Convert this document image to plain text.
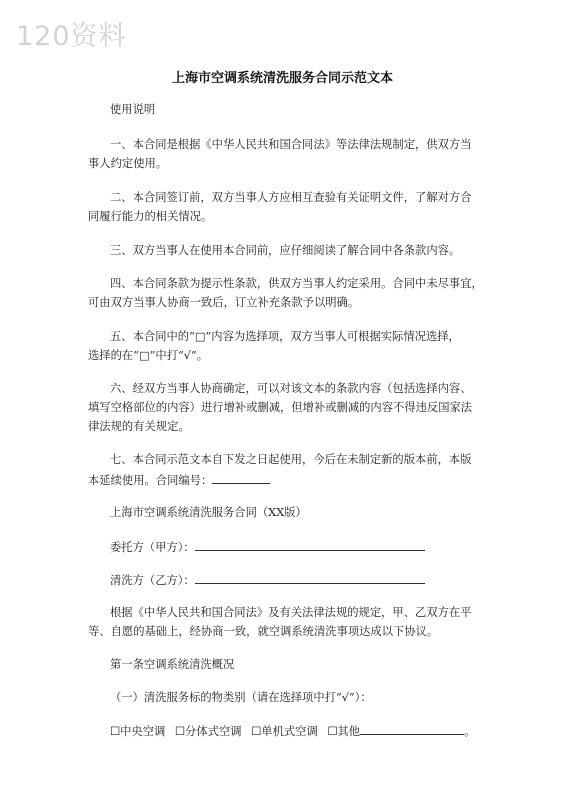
120资料
上海市空调系统清洗服务合同示范文本
使用说明
一、本合同是根据《中华人民共和国合同法》等法律法规制定，供双方当
事人约定使用。
二、本合同签订前，双方当事人方应相互查验有关证明文件，了解对方合
同履行能力的相关情况。
三、双方当事人在使用本合同前，应仔细阅读了解合同中各条款内容。
四、本合同条款为提示性条款，供双方当事人约定采用。合同中未尽事宜，
可由双方当事人协商一致后，订立补充条款予以明确。
五、本合同中的“□”内容为选择项，双方当事人可根据实际情况选择，
选择的在“□”中打“√”。
六、经双方当事人协商确定，可以对该文本的条款内容（包括选择内容、
填写空格部位的内容）进行增补或删减，但增补或删减的内容不得违反国家法
律法规的有关规定。
七、本合同示范文本自下发之日起使用，今后在未制定新的版本前，本版
本延续使用。合同编号：
上海市空调系统清洗服务合同（XX版）
委托方（甲方）：
清洗方（乙方）：
根据《中华人民共和国合同法》及有关法律法规的规定，甲、乙双方在平
等、自愿的基础上，经协商一致，就空调系统清洗事项达成以下协议。
第一条空调系统清洗概况
（一）清洗服务标的物类别（请在选择项中打“√”）：
☐中央空调 ☐分体式空调 ☐单机式空调 ☐其他	。
